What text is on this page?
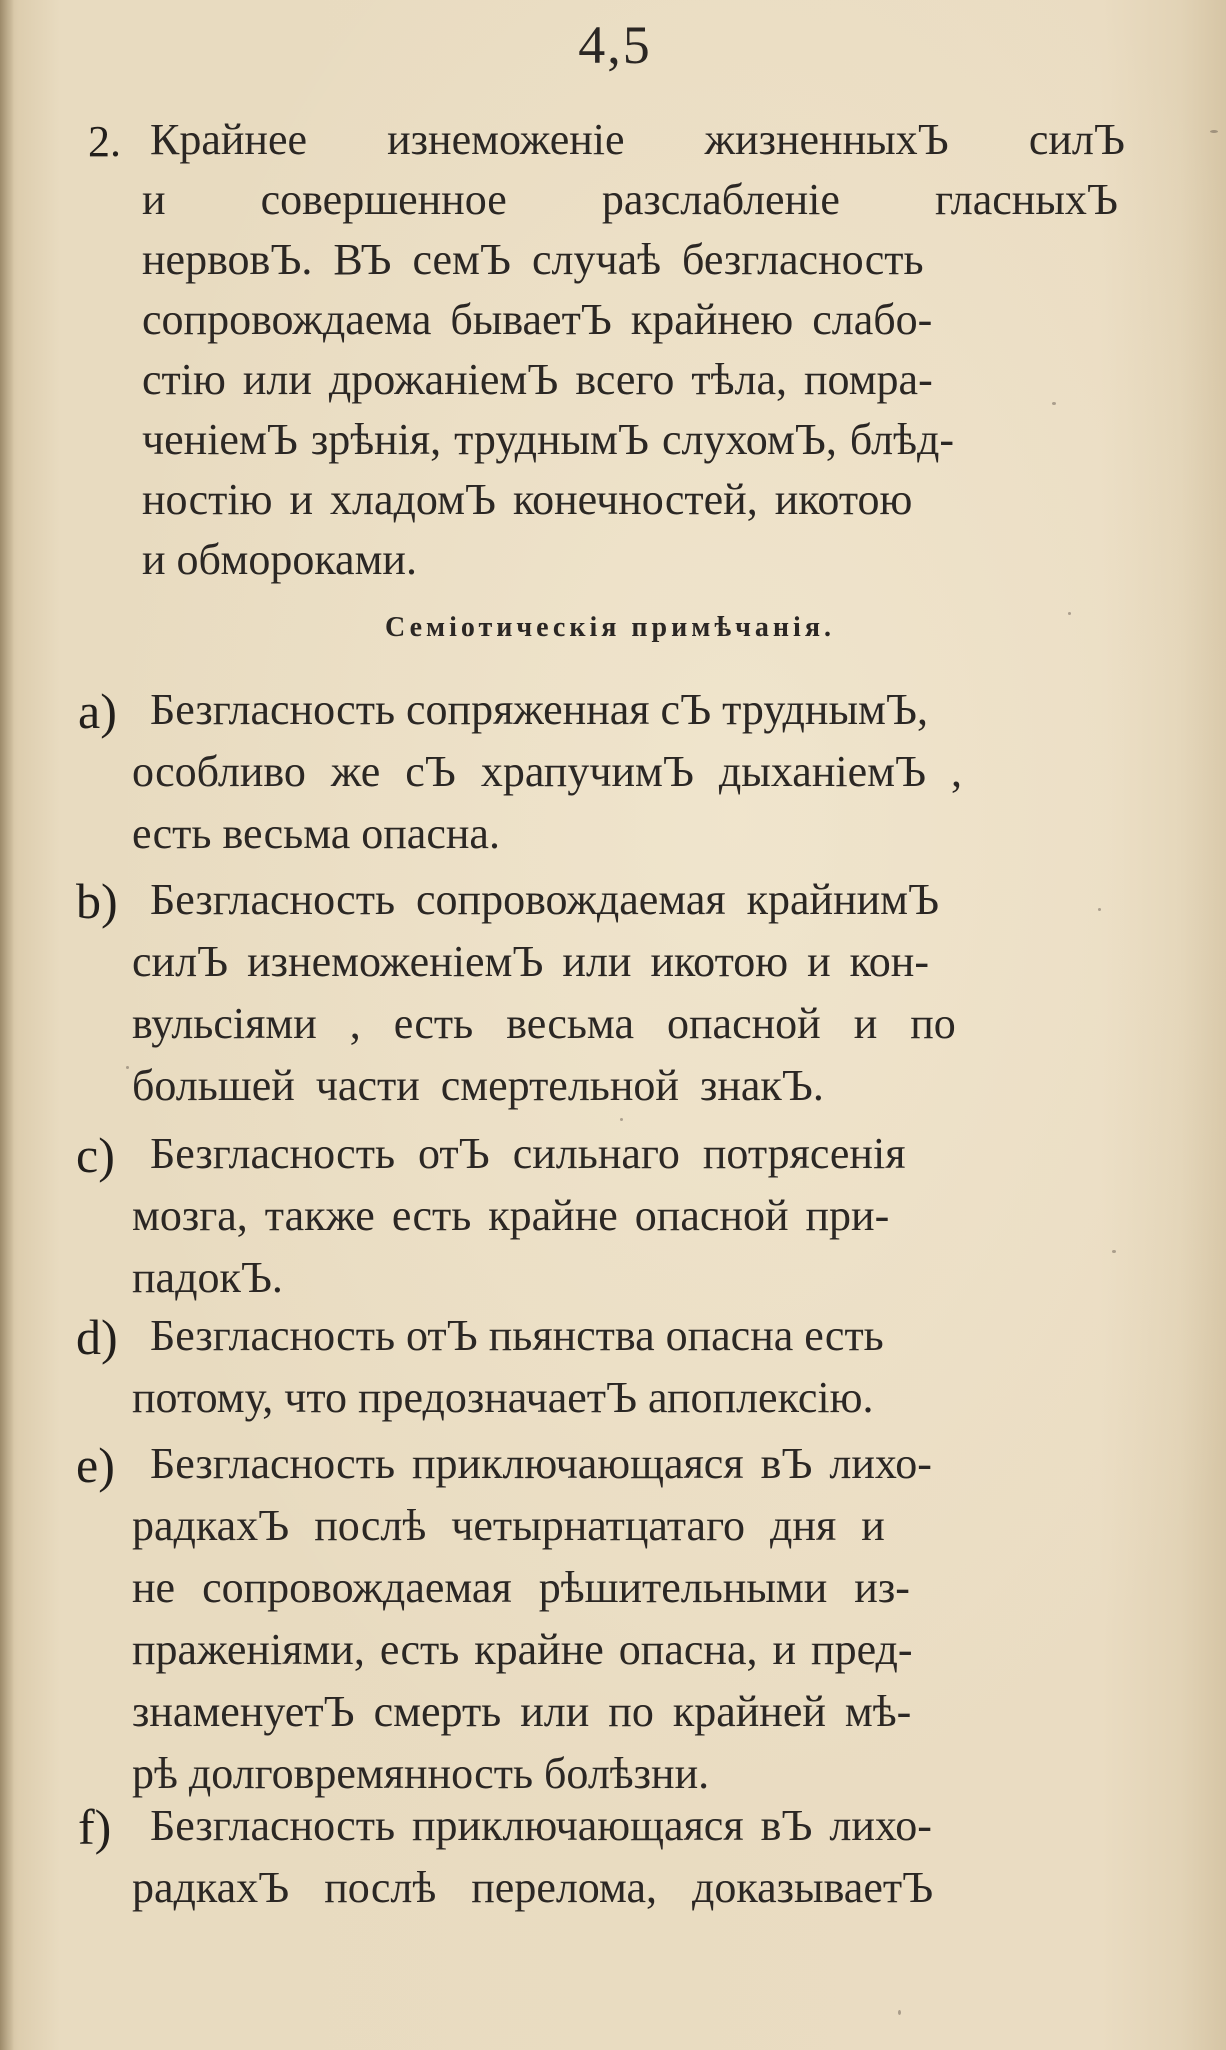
4,5
2. Крайнее изнеможеніе жизненныхЪ силЪ
и совершенное разслабленіе гласныхЪ
нервовЪ. ВЪ семЪ случаѣ безгласность
сопровождаема бываетЪ крайнею слабо-
стію или дрожаніемЪ всего тѣла, помра-
ченіемЪ зрѣнія, труднымЪ слухомЪ, блѣд-
ностію и хладомЪ конечностей, икотою
и обмороками.
Семіотическія примѣчанія.
a) Безгласность сопряженная сЪ труднымЪ,
особливо же сЪ храпучимЪ дыханіемЪ ,
есть весьма опасна.
b) Безгласность сопровождаемая крайнимЪ
силЪ изнеможеніемЪ или икотою и кон-
вульсіями , есть весьма опасной и по
большей части смертельной знакЪ.
c) Безгласность отЪ сильнаго потрясенія
мозга, также есть крайне опасной при-
падокЪ.
d) Безгласность отЪ пьянства опасна есть
потому, что предозначаетЪ апоплексію.
e) Безгласность приключающаяся вЪ лихо-
радкахЪ послѣ четырнатцатаго дня и
не сопровождаемая рѣшительными из-
праженіями, есть крайне опасна, и пред-
знаменуетЪ смерть или по крайней мѣ-
рѣ долговремянность болѣзни.
f) Безгласность приключающаяся вЪ лихо-
радкахЪ послѣ перелома, доказываетЪ
